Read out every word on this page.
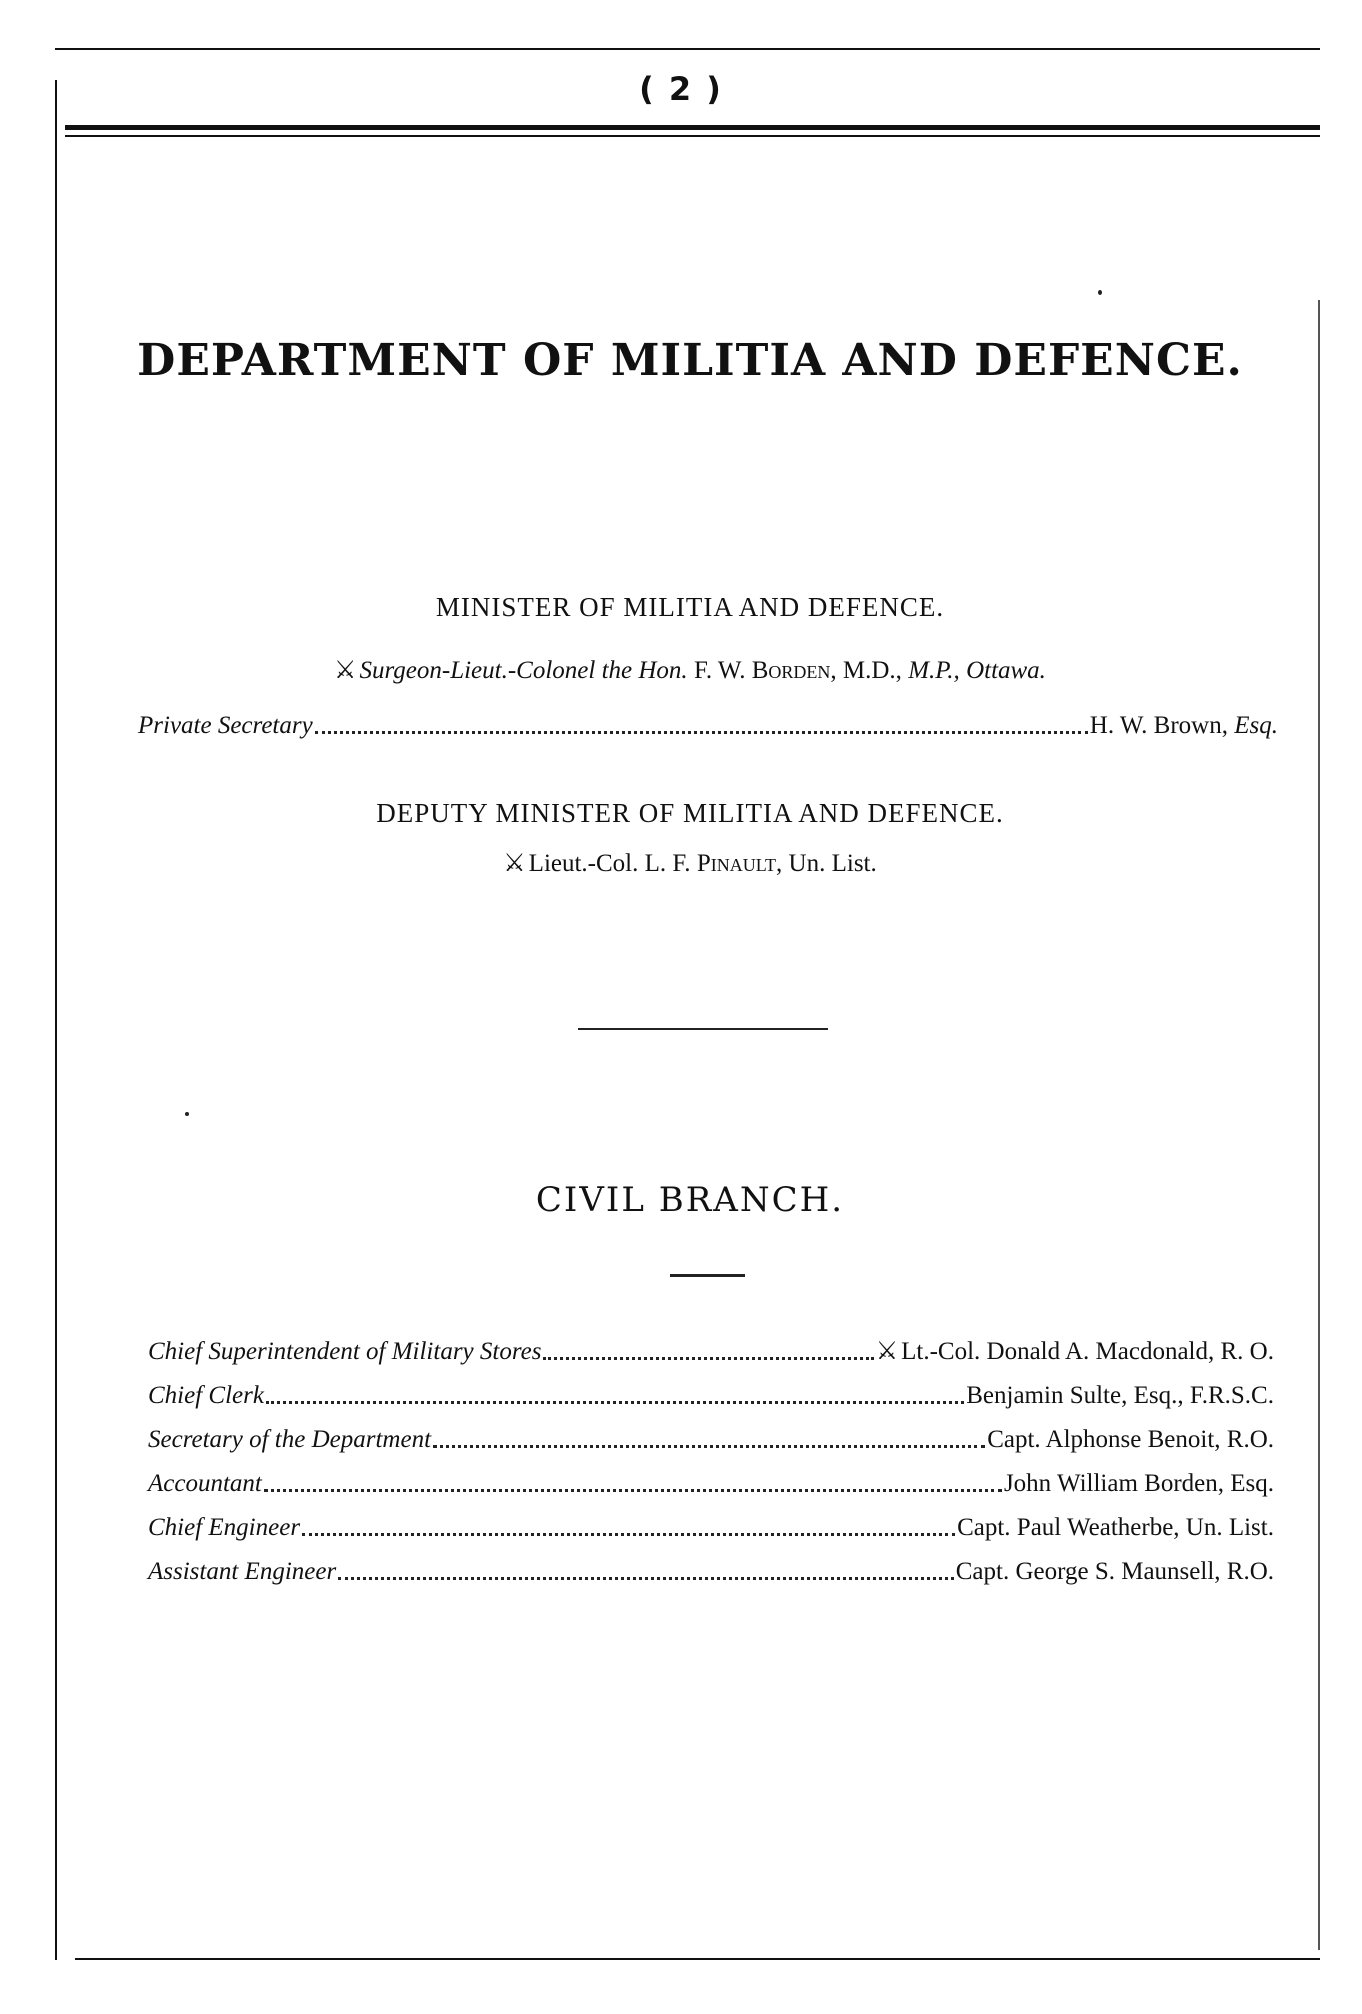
( 2 )
DEPARTMENT OF MILITIA AND DEFENCE.
MINISTER OF MILITIA AND DEFENCE.
⚔ Surgeon-Lieut.-Colonel the Hon. F. W. Borden, M.D., M.P., Ottawa.
Private Secretary	H. W. Brown, Esq.
DEPUTY MINISTER OF MILITIA AND DEFENCE.
⚔ Lieut.-Col. L. F. Pinault, Un. List.
CIVIL BRANCH.
Chief Superintendent of Military Stores	⚔ Lt.-Col. Donald A. Macdonald, R. O.
Chief Clerk	Benjamin Sulte, Esq., F.R.S.C.
Secretary of the Department	Capt. Alphonse Benoit, R.O.
Accountant	John William Borden, Esq.
Chief Engineer	Capt. Paul Weatherbe, Un. List.
Assistant Engineer	Capt. George S. Maunsell, R.O.
